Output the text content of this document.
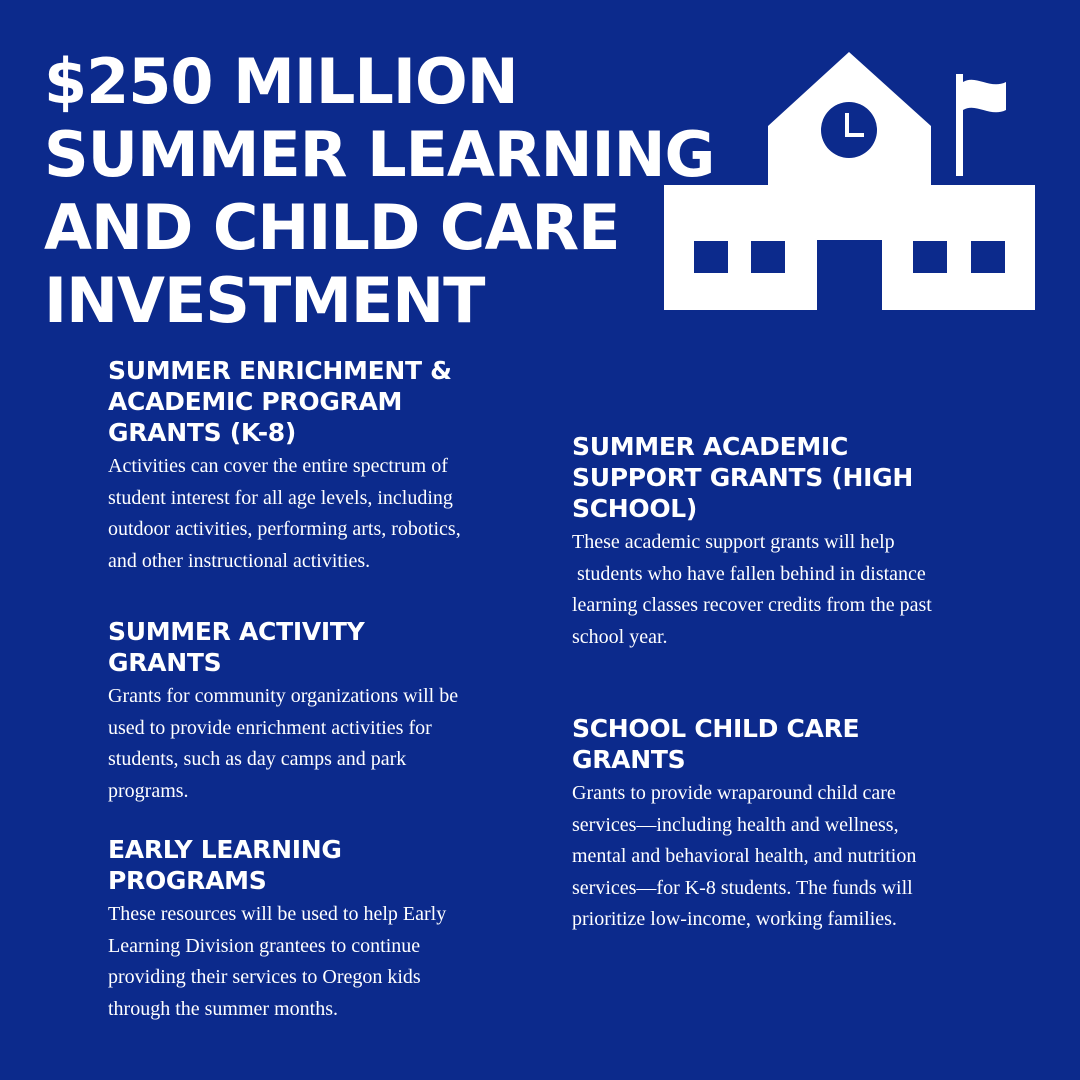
$250 MILLION
SUMMER LEARNING
AND CHILD CARE
INVESTMENT
SUMMER ENRICHMENT &
ACADEMIC PROGRAM
GRANTS (K-8)

Activities can cover the entire spectrum of
student interest for all age levels, including
outdoor activities, performing arts, robotics,
and other instructional activities.

SUMMER ACTIVITY
GRANTS

Grants for community organizations will be
used to provide enrichment activities for
students, such as day camps and park
programs.

EARLY LEARNING
PROGRAMS

These resources will be used to help Early
Learning Division grantees to continue
providing their services to Oregon kids
through the summer months.

SUMMER ACADEMIC
SUPPORT GRANTS (HIGH
SCHOOL)

These academic support grants will help
students who have fallen behind in distance
learning classes recover credits from the past
school year.

SCHOOL CHILD CARE
GRANTS

Grants to provide wraparound child care
services—including health and wellness,
mental and behavioral health, and nutrition
services—for K-8 students. The funds will
prioritize low-income, working families.
